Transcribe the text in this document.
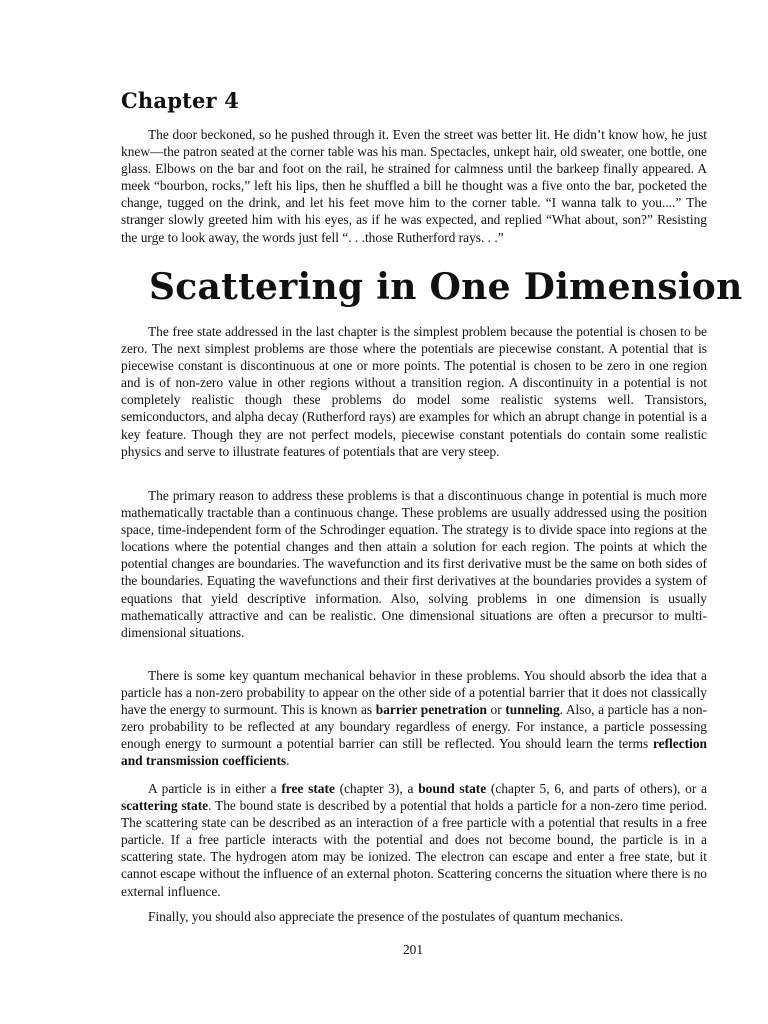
Chapter 4

The door beckoned, so he pushed through it. Even the street was better lit. He didn’t know how, he just knew—the patron seated at the corner table was his man. Spectacles, unkept hair, old sweater, one bottle, one glass. Elbows on the bar and foot on the rail, he strained for calmness until the barkeep finally appeared. A meek “bourbon, rocks,” left his lips, then he shuffled a bill he thought was a five onto the bar, pocketed the change, tugged on the drink, and let his feet move him to the corner table. “I wanna talk to you....” The stranger slowly greeted him with his eyes, as if he was expected, and replied “What about, son?” Resisting the urge to look away, the words just fell “. . .those Rutherford rays. . .”

Scattering in One Dimension

The free state addressed in the last chapter is the simplest problem because the potential is chosen to be zero. The next simplest problems are those where the potentials are piecewise constant. A potential that is piecewise constant is discontinuous at one or more points. The potential is chosen to be zero in one region and is of non-zero value in other regions without a transition region. A discontinuity in a potential is not completely realistic though these problems do model some realistic systems well. Transistors, semiconductors, and alpha decay (Rutherford rays) are examples for which an abrupt change in potential is a key feature. Though they are not perfect models, piecewise constant potentials do contain some realistic physics and serve to illustrate features of potentials that are very steep.

The primary reason to address these problems is that a discontinuous change in potential is much more mathematically tractable than a continuous change. These problems are usually addressed using the position space, time-independent form of the Schrodinger equation. The strategy is to divide space into regions at the locations where the potential changes and then attain a solution for each region. The points at which the potential changes are boundaries. The wavefunction and its first derivative must be the same on both sides of the boundaries. Equating the wavefunctions and their first derivatives at the boundaries provides a system of equations that yield descriptive information. Also, solving problems in one dimension is usually mathematically attractive and can be realistic. One dimensional situations are often a precursor to multi-dimensional situations.

There is some key quantum mechanical behavior in these problems. You should absorb the idea that a particle has a non-zero probability to appear on the other side of a potential barrier that it does not classically have the energy to surmount. This is known as barrier penetration or tunneling. Also, a particle has a non-zero probability to be reflected at any boundary regardless of energy. For instance, a particle possessing enough energy to surmount a potential barrier can still be reflected. You should learn the terms reflection and transmission coefficients.

A particle is in either a free state (chapter 3), a bound state (chapter 5, 6, and parts of others), or a scattering state. The bound state is described by a potential that holds a particle for a non-zero time period. The scattering state can be described as an interaction of a free particle with a potential that results in a free particle. If a free particle interacts with the potential and does not become bound, the particle is in a scattering state. The hydrogen atom may be ionized. The electron can escape and enter a free state, but it cannot escape without the influence of an external photon. Scattering concerns the situation where there is no external influence.

Finally, you should also appreciate the presence of the postulates of quantum mechanics.

201
